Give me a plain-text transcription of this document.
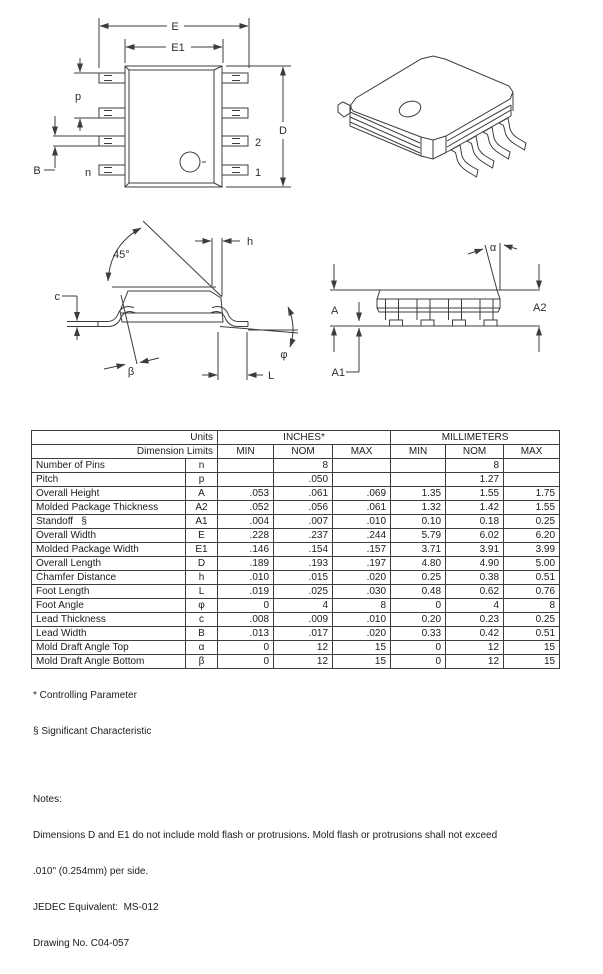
E
E1
p
B	n
2
1
D
45°
h
c
β	L
φ
A
A1
A2
α
Units		INCHES*			MILLIMETERS		
Dimension Limits		MIN	NOM	MAX	MIN	NOM	MAX
Number of Pins	n		8			8	
Pitch	p		.050			1.27	
Overall Height	A	.053	.061	.069	1.35	1.55	1.75
Molded Package Thickness	A2	.052	.056	.061	1.32	1.42	1.55
Standoff   §	A1	.004	.007	.010	0.10	0.18	0.25
Overall Width	E	.228	.237	.244	5.79	6.02	6.20
Molded Package Width	E1	.146	.154	.157	3.71	3.91	3.99
Overall Length	D	.189	.193	.197	4.80	4.90	5.00
Chamfer Distance	h	.010	.015	.020	0.25	0.38	0.51
Foot Length	L	.019	.025	.030	0.48	0.62	0.76
Foot Angle	φ	0	4	8	0	4	8
Lead Thickness	c	.008	.009	.010	0.20	0.23	0.25
Lead Width	B	.013	.017	.020	0.33	0.42	0.51
Mold Draft Angle Top	α	0	12	15	0	12	15
Mold Draft Angle Bottom	β	0	12	15	0	12	15

* Controlling Parameter

§ Significant Characteristic

Notes:

Dimensions D and E1 do not include mold flash or protrusions. Mold flash or protrusions shall not exceed

.010" (0.254mm) per side.

JEDEC Equivalent:  MS-012

Drawing No. C04-057
